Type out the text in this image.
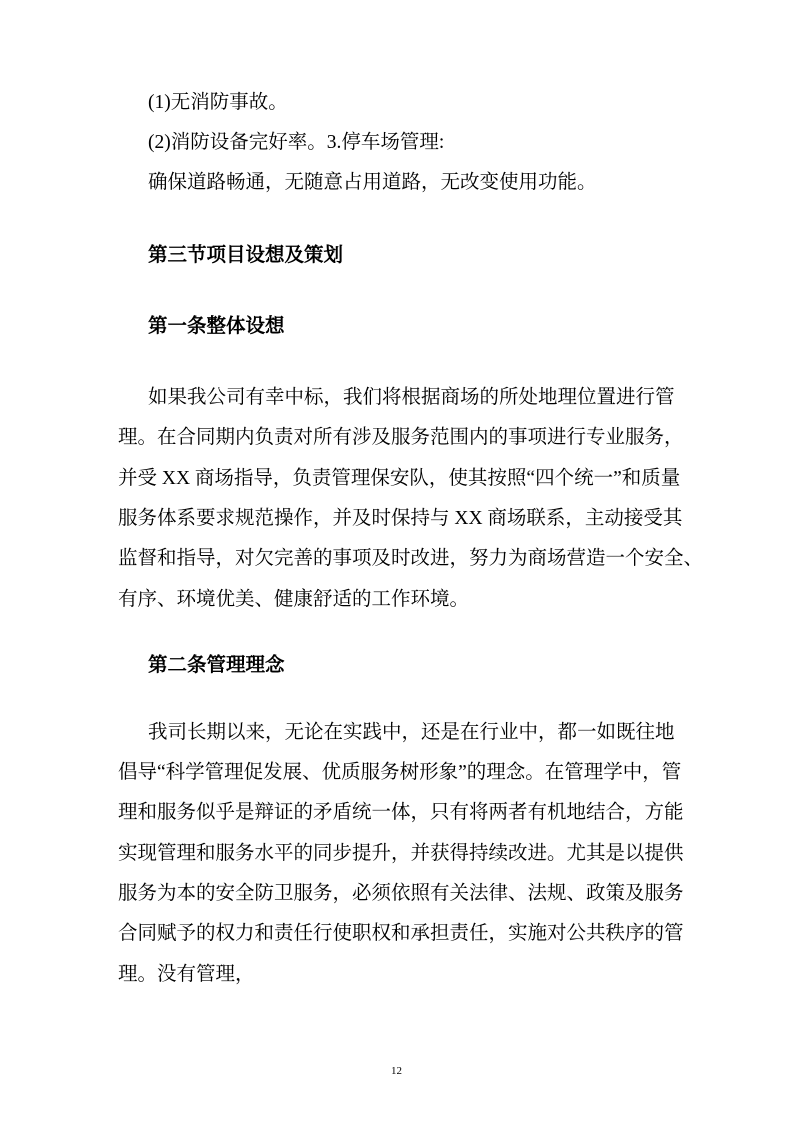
(1)无消防事故。
(2)消防设备完好率。3.停车场管理:
确保道路畅通，无随意占用道路，无改变使用功能。
第三节项目设想及策划
第一条整体设想
如果我公司有幸中标，我们将根据商场的所处地理位置进行管
理。在合同期内负责对所有涉及服务范围内的事项进行专业服务，
并受 XX 商场指导，负责管理保安队，使其按照“四个统一”和质量
服务体系要求规范操作，并及时保持与 XX 商场联系，主动接受其
监督和指导，对欠完善的事项及时改进，努力为商场营造一个安全、
有序、环境优美、健康舒适的工作环境。
第二条管理理念
我司长期以来，无论在实践中，还是在行业中，都一如既往地
倡导“科学管理促发展、优质服务树形象”的理念。在管理学中，管
理和服务似乎是辩证的矛盾统一体，只有将两者有机地结合，方能
实现管理和服务水平的同步提升，并获得持续改进。尤其是以提供
服务为本的安全防卫服务，必须依照有关法律、法规、政策及服务
合同赋予的权力和责任行使职权和承担责任，实施对公共秩序的管
理。没有管理，
12
